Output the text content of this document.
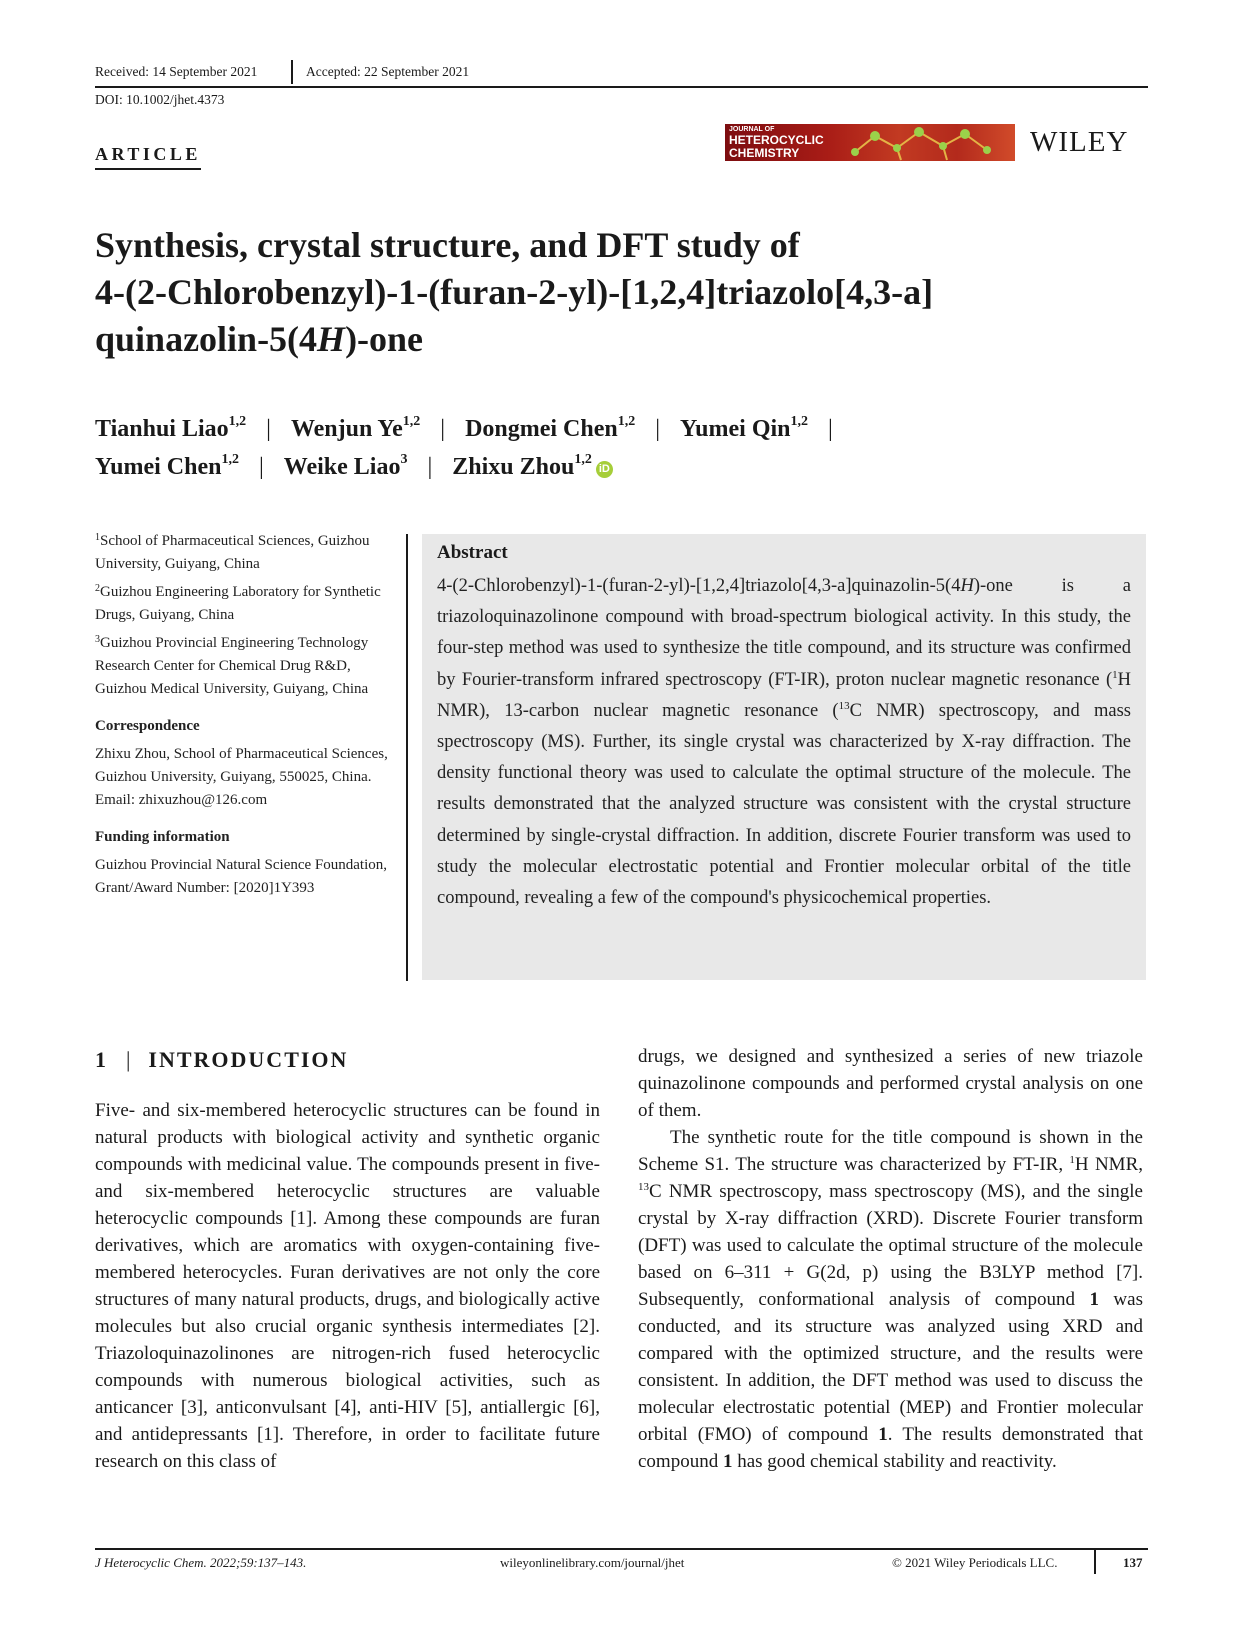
Received: 14 September 2021	Accepted: 22 September 2021
DOI: 10.1002/jhet.4373
ARTICLE
JOURNAL OF
HETEROCYCLIC
CHEMISTRY	WILEY
Synthesis, crystal structure, and DFT study of
4-(2-Chlorobenzyl)-1-(furan-2-yl)-[1,2,4]triazolo[4,3-a]
quinazolin-5(4H)-one
Tianhui Liao$^{1,2}$ | Wenjun Ye$^{1,2}$ | Dongmei Chen$^{1,2}$ | Yumei Qin$^{1,2}$ |
Yumei Chen$^{1,2}$ | Weike Liao$^3$ | Zhixu Zhou$^{1,2}$iD

$^1$School of Pharmaceutical Sciences, Guizhou University, Guiyang, China

$^2$Guizhou Engineering Laboratory for Synthetic Drugs, Guiyang, China

$^3$Guizhou Provincial Engineering Technology Research Center for Chemical Drug R&D, Guizhou Medical University, Guiyang, China

Correspondence

Zhixu Zhou, School of Pharmaceutical Sciences, Guizhou University, Guiyang, 550025, China.

Email: zhixuzhou@126.com

Funding information

Guizhou Provincial Natural Science Foundation, Grant/Award Number: [2020]1Y393

Abstract
4-(2-Chlorobenzyl)-1-(furan-2-yl)-[1,2,4]triazolo[4,3-a]quinazolin-5(4H)-one is a triazoloquinazolinone compound with broad-spectrum biological activity. In this study, the four-step method was used to synthesize the title compound, and its structure was confirmed by Fourier-transform infrared spectroscopy (FT-IR), proton nuclear magnetic resonance ($^1$H NMR), 13-carbon nuclear magnetic resonance ($^{13}$C NMR) spectroscopy, and mass spectroscopy (MS). Further, its single crystal was characterized by X-ray diffraction. The density functional theory was used to calculate the optimal structure of the molecule. The results demonstrated that the analyzed structure was consistent with the crystal structure determined by single-crystal diffraction. In addition, discrete Fourier transform was used to study the molecular electrostatic potential and Frontier molecular orbital of the title compound, revealing a few of the compound's physicochemical properties.
1 | INTRODUCTION

Five- and six-membered heterocyclic structures can be found in natural products with biological activity and synthetic organic compounds with medicinal value. The compounds present in five- and six-membered heterocyclic structures are valuable heterocyclic compounds [1]. Among these compounds are furan derivatives, which are aromatics with oxygen-containing five-membered heterocycles. Furan derivatives are not only the core structures of many natural products, drugs, and biologically active molecules but also crucial organic synthesis intermediates [2]. Triazoloquinazolinones are nitrogen-rich fused heterocyclic compounds with numerous biological activities, such as anticancer [3], anticonvulsant [4], anti-HIV [5], antiallergic [6], and antidepressants [1]. Therefore, in order to facilitate future research on this class of

drugs, we designed and synthesized a series of new triazole quinazolinone compounds and performed crystal analysis on one of them.

The synthetic route for the title compound is shown in the Scheme S1. The structure was characterized by FT-IR, $^1$H NMR, $^{13}$C NMR spectroscopy, mass spectroscopy (MS), and the single crystal by X-ray diffraction (XRD). Discrete Fourier transform (DFT) was used to calculate the optimal structure of the molecule based on 6–311 + G(2d, p) using the B3LYP method [7]. Subsequently, conformational analysis of compound 1 was conducted, and its structure was analyzed using XRD and compared with the optimized structure, and the results were consistent. In addition, the DFT method was used to discuss the molecular electrostatic potential (MEP) and Frontier molecular orbital (FMO) of compound 1. The results demonstrated that compound 1 has good chemical stability and reactivity.

J Heterocyclic Chem. 2022;59:137–143.	wileyonlinelibrary.com/journal/jhet	© 2021 Wiley Periodicals LLC.	137
